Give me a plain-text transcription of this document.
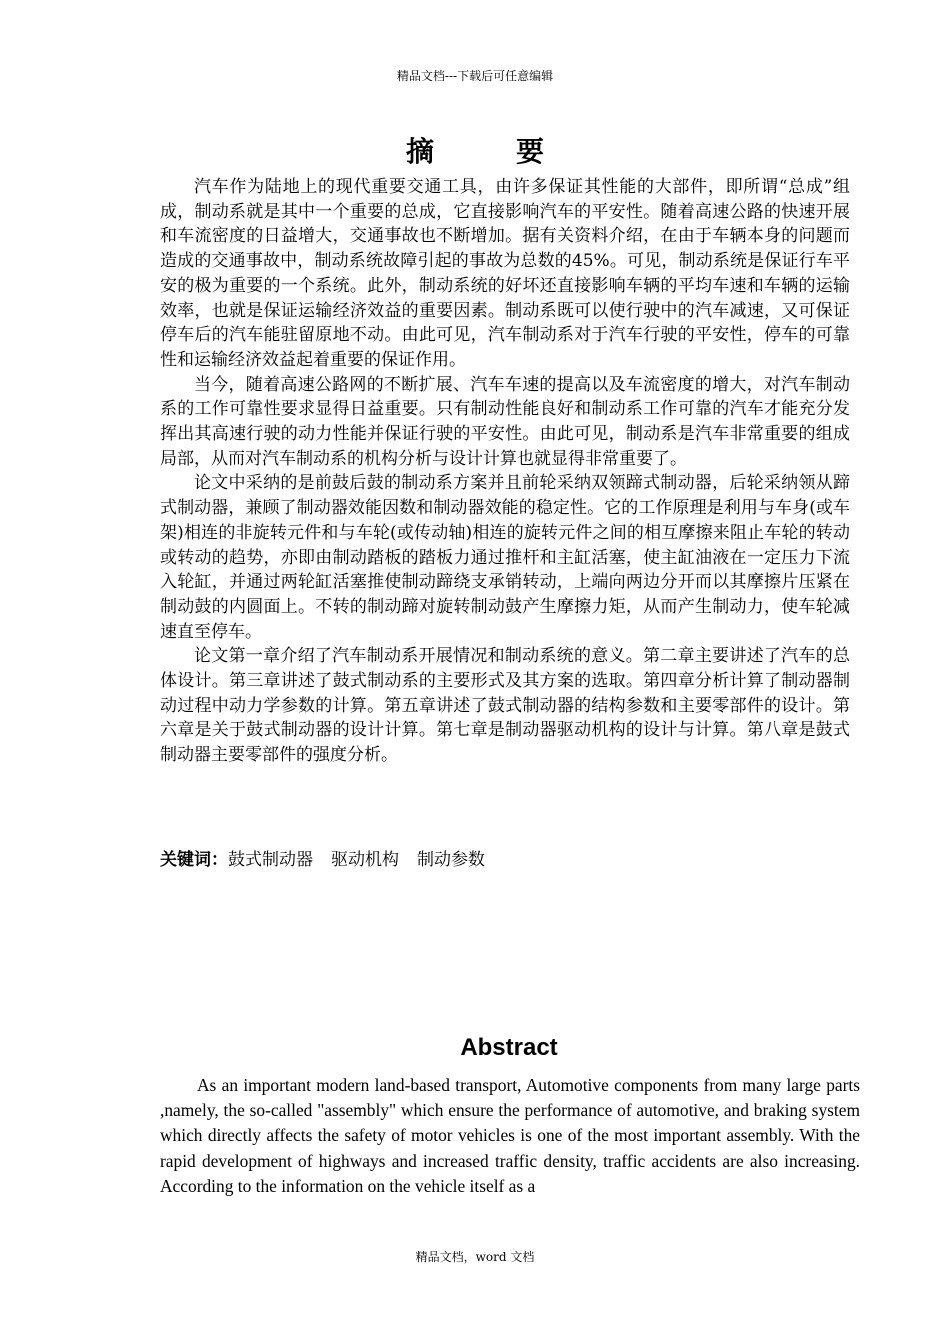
精品文档---下载后可任意编辑
摘要

汽车作为陆地上的现代重要交通工具，由许多保证其性能的大部件，即所谓“总成”组成，制动系就是其中一个重要的总成，它直接影响汽车的平安性。随着高速公路的快速开展和车流密度的日益增大，交通事故也不断增加。据有关资料介绍，在由于车辆本身的问题而造成的交通事故中，制动系统故障引起的事故为总数的45%。可见，制动系统是保证行车平安的极为重要的一个系统。此外，制动系统的好坏还直接影响车辆的平均车速和车辆的运输效率，也就是保证运输经济效益的重要因素。制动系既可以使行驶中的汽车减速，又可保证停车后的汽车能驻留原地不动。由此可见，汽车制动系对于汽车行驶的平安性，停车的可靠性和运输经济效益起着重要的保证作用。

当今，随着高速公路网的不断扩展、汽车车速的提高以及车流密度的增大，对汽车制动系的工作可靠性要求显得日益重要。只有制动性能良好和制动系工作可靠的汽车才能充分发挥出其高速行驶的动力性能并保证行驶的平安性。由此可见，制动系是汽车非常重要的组成局部，从而对汽车制动系的机构分析与设计计算也就显得非常重要了。

论文中采纳的是前鼓后鼓的制动系方案并且前轮采纳双领蹄式制动器，后轮采纳领从蹄式制动器，兼顾了制动器效能因数和制动器效能的稳定性。它的工作原理是利用与车身(或车架)相连的非旋转元件和与车轮(或传动轴)相连的旋转元件之间的相互摩擦来阻止车轮的转动或转动的趋势，亦即由制动踏板的踏板力通过推杆和主缸活塞，使主缸油液在一定压力下流入轮缸，并通过两轮缸活塞推使制动蹄绕支承销转动，上端向两边分开而以其摩擦片压紧在制动鼓的内圆面上。不转的制动蹄对旋转制动鼓产生摩擦力矩，从而产生制动力，使车轮减速直至停车。

论文第一章介绍了汽车制动系开展情况和制动系统的意义。第二章主要讲述了汽车的总体设计。第三章讲述了鼓式制动系的主要形式及其方案的选取。第四章分析计算了制动器制动过程中动力学参数的计算。第五章讲述了鼓式制动器的结构参数和主要零部件的设计。第六章是关于鼓式制动器的设计计算。第七章是制动器驱动机构的设计与计算。第八章是鼓式制动器主要零部件的强度分析。

关键词：鼓式制动器 驱动机构 制动参数
Abstract

As an important modern land-based transport, Automotive components from many large parts ,namely, the so-called "assembly" which ensure the performance of automotive, and braking system which directly affects the safety of motor vehicles is one of the most important assembly. With the rapid development of highways and increased traffic density, traffic accidents are also increasing. According to the information on the vehicle itself as a

精品文档，word 文档
